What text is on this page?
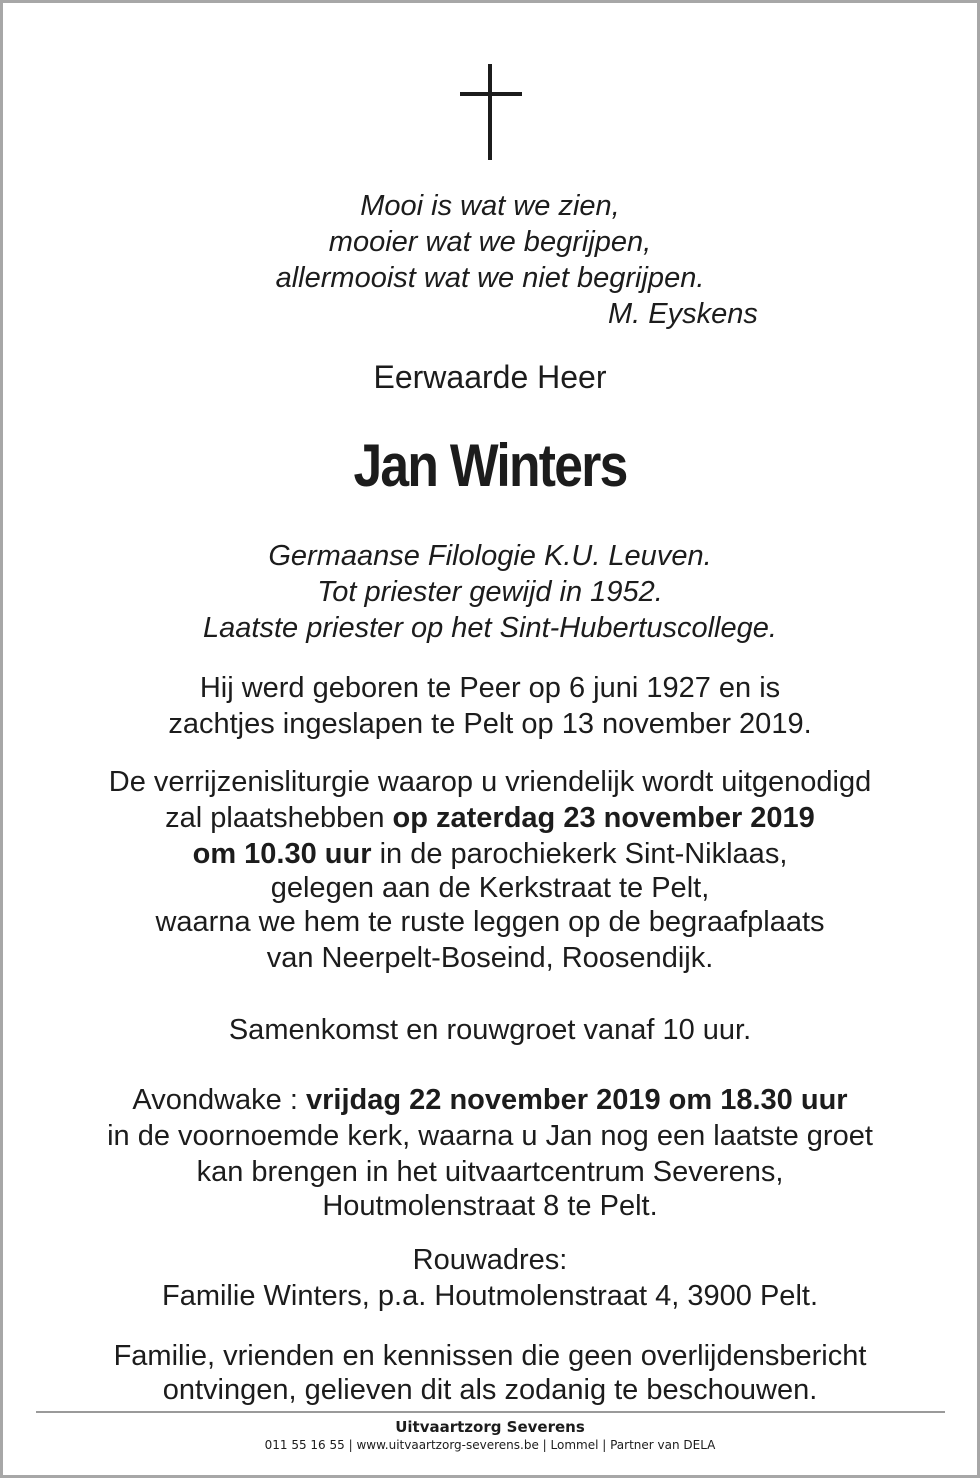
Mooi is wat we zien,
mooier wat we begrijpen,
allermooist wat we niet begrijpen.
M. Eyskens
Eerwaarde Heer
Jan Winters
Germaanse Filologie K.U. Leuven.
Tot priester gewijd in 1952.
Laatste priester op het Sint-Hubertuscollege.
Hij werd geboren te Peer op 6 juni 1927 en is
zachtjes ingeslapen te Pelt op 13 november 2019.
De verrijzenisliturgie waarop u vriendelijk wordt uitgenodigd
zal plaatshebben op zaterdag 23 november 2019
om 10.30 uur in de parochiekerk Sint-Niklaas,
gelegen aan de Kerkstraat te Pelt,
waarna we hem te ruste leggen op de begraafplaats
van Neerpelt-Boseind, Roosendijk.
Samenkomst en rouwgroet vanaf 10 uur.
Avondwake : vrijdag 22 november 2019 om 18.30 uur
in de voornoemde kerk, waarna u Jan nog een laatste groet
kan brengen in het uitvaartcentrum Severens,
Houtmolenstraat 8 te Pelt.
Rouwadres:
Familie Winters, p.a. Houtmolenstraat 4, 3900 Pelt.
Familie, vrienden en kennissen die geen overlijdensbericht
ontvingen, gelieven dit als zodanig te beschouwen.
Uitvaartzorg Severens
011 55 16 55 | www.uitvaartzorg-severens.be | Lommel | Partner van DELA
